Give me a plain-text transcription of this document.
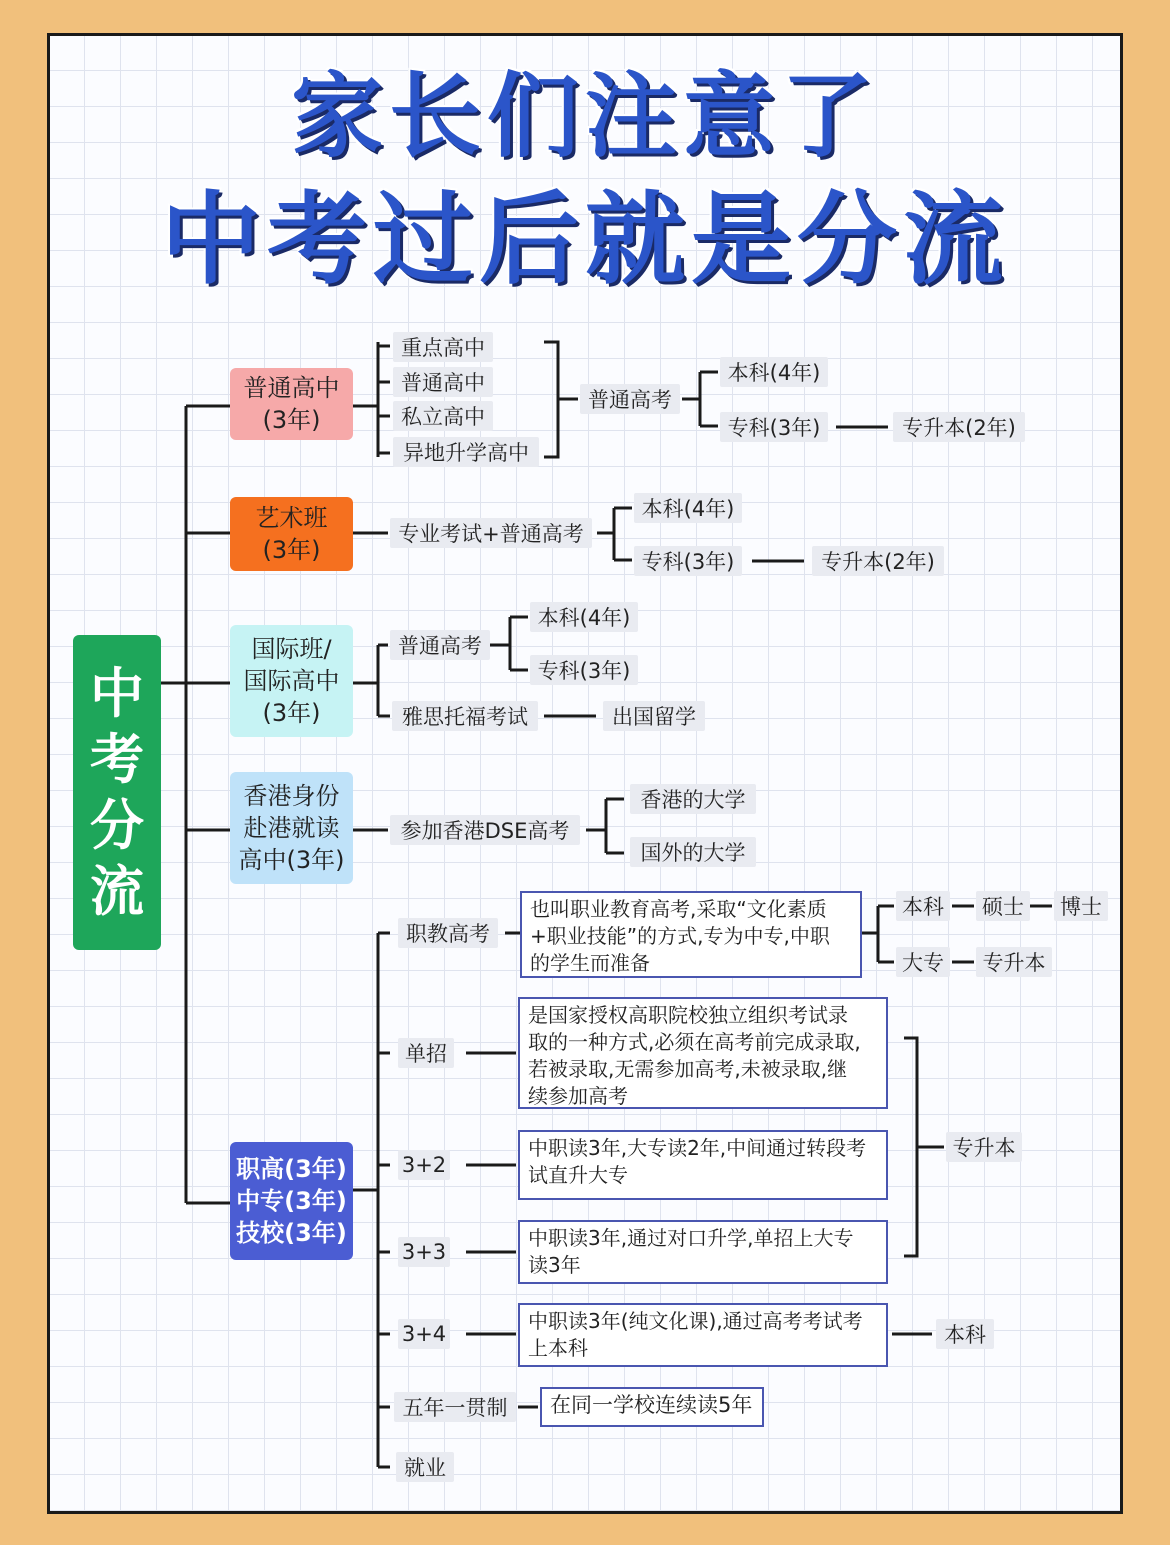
家长们注意了
中考过后就是分流
中
考
分
流
普通高中
(3年)
重点高中
普通高中
私立高中
异地升学高中
普通高考
本科(4年)
专科(3年)	专升本(2年)
艺术班
(3年)
专业考试+普通高考
本科(4年)
专科(3年)	专升本(2年)
国际班/
国际高中
(3年)
普通高考
本科(4年)
专科(3年)
雅思托福考试	出国留学
香港身份
赴港就读
高中(3年)
参加香港DSE高考
香港的大学
国外的大学
职高(3年)
中专(3年)
技校(3年)
职教高考
也叫职业教育高考,采取“文化素质
+职业技能”的方式,专为中专,中职
的学生而准备
本科 硕士 博士
大专	专升本
单招
是国家授权高职院校独立组织考试录
取的一种方式,必须在高考前完成录取,
若被录取,无需参加高考,未被录取,继
续参加高考
3+2
中职读3年,大专读2年,中间通过转段考
试直升大专
3+3
中职读3年,通过对口升学,单招上大专
读3年
专升本
3+4
中职读3年(纯文化课),通过高考考试考
上本科
本科
五年一贯制	在同一学校连续读5年
就业
